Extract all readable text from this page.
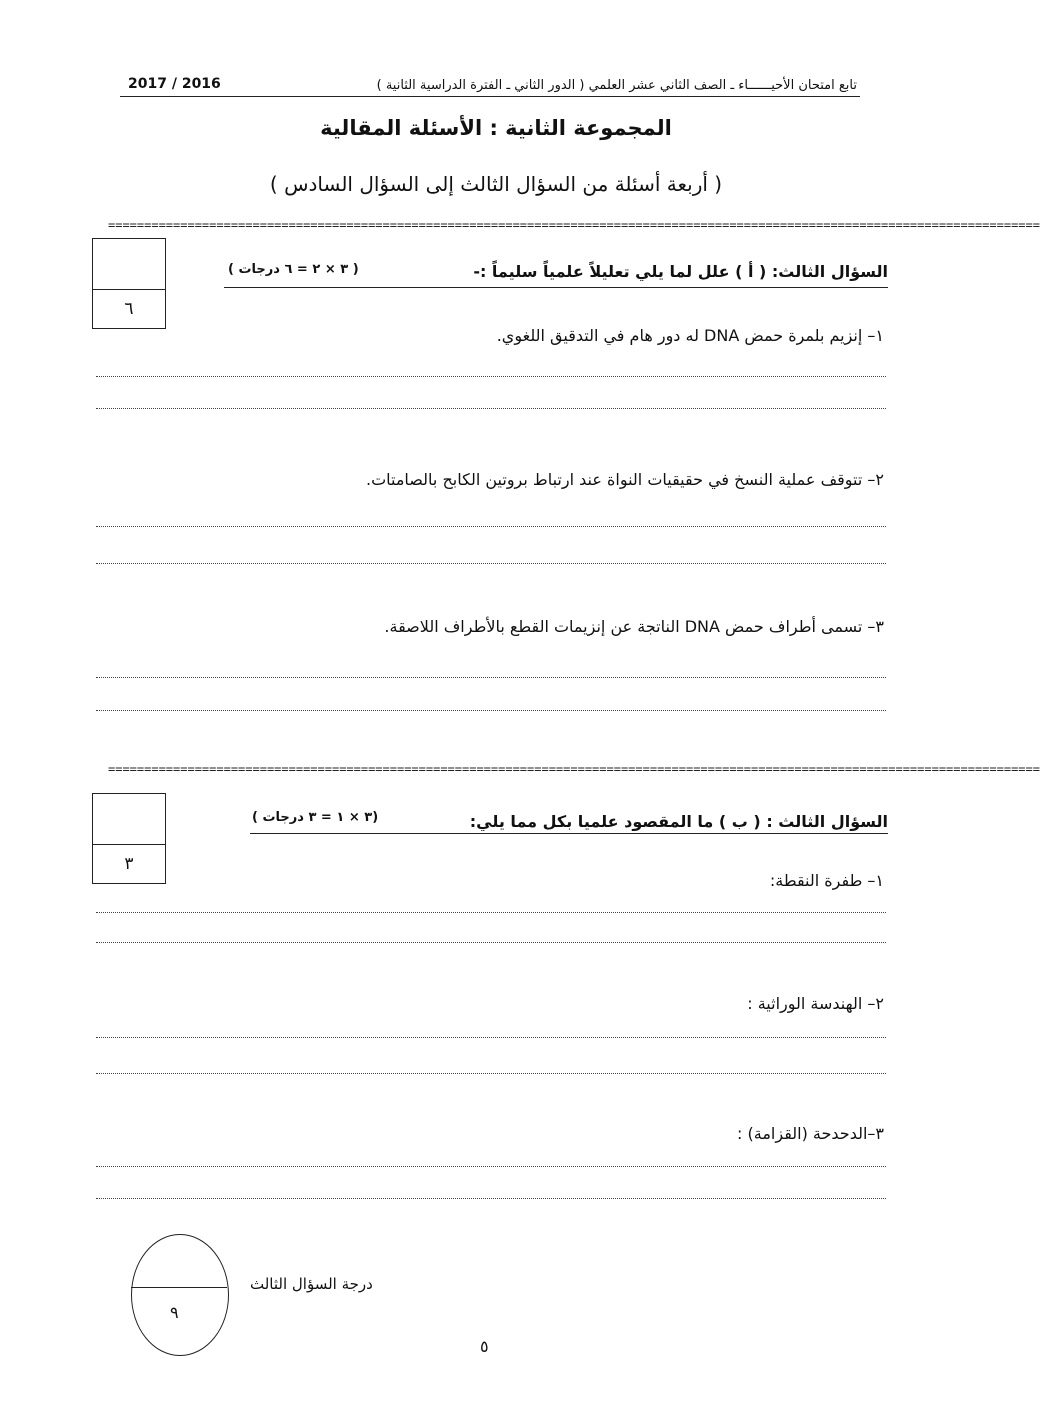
تابع امتحان الأحيــــــاء ـ الصف الثاني عشر العلمي ( الدور الثاني ـ الفترة الدراسية الثانية )
2017 / 2016
المجموعة الثانية : الأسئلة المقالية
( أربعة أسئلة من السؤال الثالث إلى السؤال السادس )
=================================================================================================================================
٦
السؤال الثالث: ( أ ) علل لما يلي تعليلاً علمياً سليماً :-
( ٣ × ٢ = ٦ درجات )
١– إنزيم بلمرة حمض DNA له دور هام في التدقيق اللغوي.
٢– تتوقف عملية النسخ في حقيقيات النواة عند ارتباط بروتين الكابح بالصامتات.
٣– تسمى أطراف حمض DNA الناتجة عن إنزيمات القطع بالأطراف اللاصقة.
=================================================================================================================================
٣
السؤال الثالث : ( ب ) ما المقصود علميا بكل مما يلي:
( ٣ × ١ = ٣ درجات)
١– طفرة النقطة:
٢– الهندسة الوراثية :
٣–الدحدحة (القزامة) :
٩
درجة السؤال الثالث
٥
